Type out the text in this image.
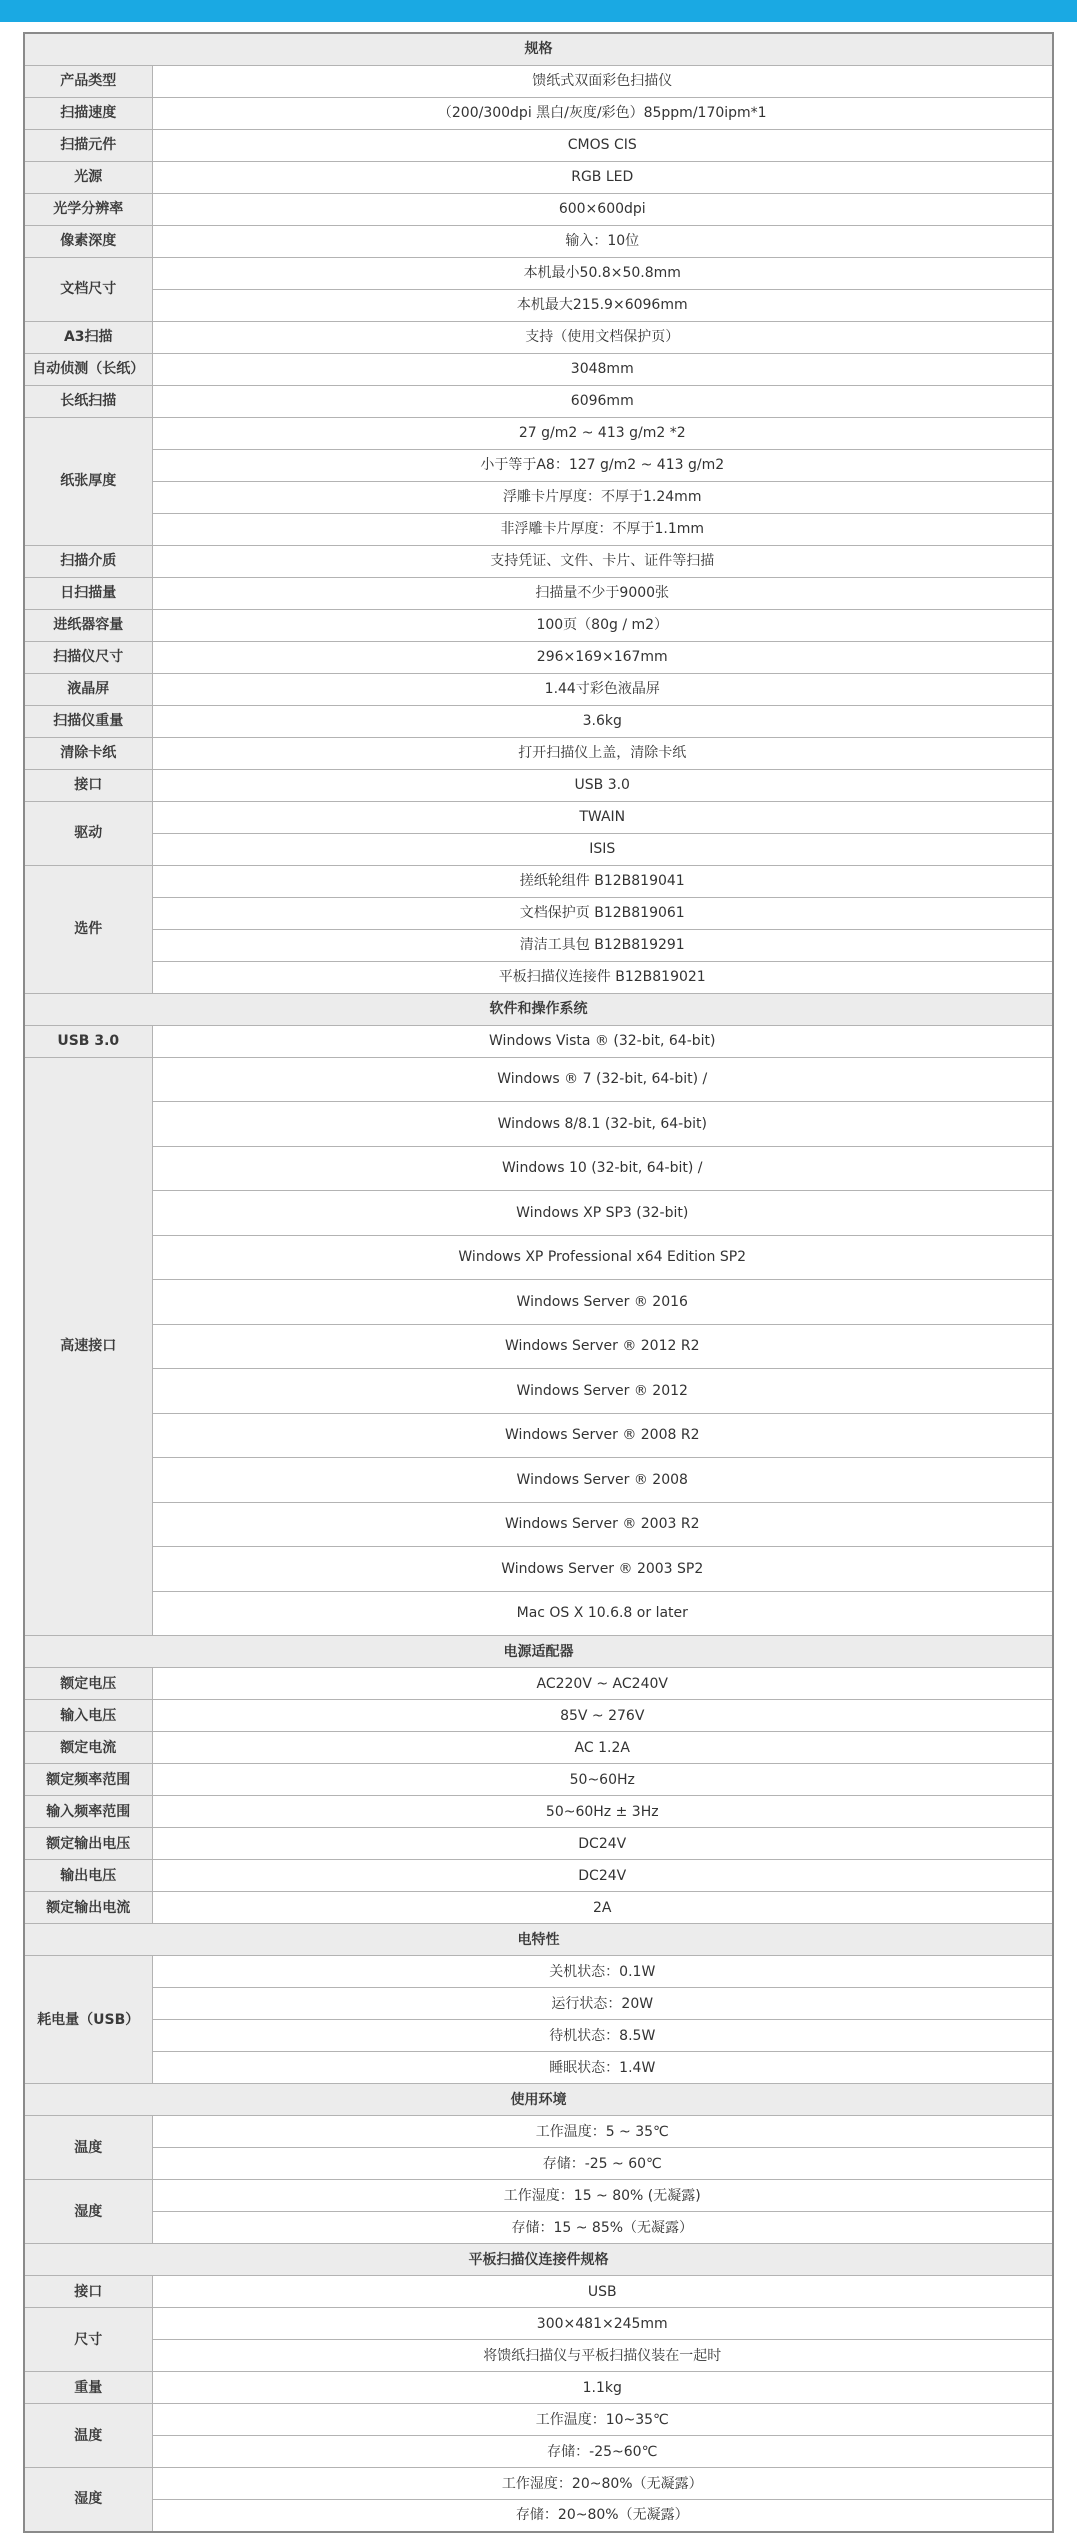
规格	
产品类型	馈纸式双面彩色扫描仪
扫描速度	（200/300dpi 黑白/灰度/彩色）85ppm/170ipm*1
扫描元件	CMOS CIS
光源	RGB LED
光学分辨率	600×600dpi
像素深度	输入：10位
文档尺寸	本机最小50.8×50.8mm
	本机最大215.9×6096mm
A3扫描	支持（使用文档保护页）
自动侦测（长纸）	3048mm
长纸扫描	6096mm
纸张厚度	27 g/m2 ~ 413 g/m2 *2
	小于等于A8：127 g/m2 ~ 413 g/m2
	浮雕卡片厚度：不厚于1.24mm
	非浮雕卡片厚度：不厚于1.1mm
扫描介质	支持凭证、文件、卡片、证件等扫描
日扫描量	扫描量不少于9000张
进纸器容量	100页（80g / m2）
扫描仪尺寸	296×169×167mm
液晶屏	1.44寸彩色液晶屏
扫描仪重量	3.6kg
清除卡纸	打开扫描仪上盖，清除卡纸
接口	USB 3.0
驱动	TWAIN
	ISIS
选件	搓纸轮组件 B12B819041
	文档保护页 B12B819061
	清洁工具包 B12B819291
	平板扫描仪连接件 B12B819021
软件和操作系统	
USB 3.0	Windows Vista ® (32-bit, 64-bit)
高速接口	Windows ® 7 (32-bit, 64-bit) /
	Windows 8/8.1 (32-bit, 64-bit)
	Windows 10 (32-bit, 64-bit) /
	Windows XP SP3 (32-bit)
	Windows XP Professional x64 Edition SP2
	Windows Server ® 2016
	Windows Server ® 2012 R2
	Windows Server ® 2012
	Windows Server ® 2008 R2
	Windows Server ® 2008
	Windows Server ® 2003 R2
	Windows Server ® 2003 SP2
	Mac OS X 10.6.8 or later
电源适配器	
额定电压	AC220V ~ AC240V
输入电压	85V ~ 276V
额定电流	AC 1.2A
额定频率范围	50~60Hz
输入频率范围	50~60Hz ± 3Hz
额定输出电压	DC24V
输出电压	DC24V
额定输出电流	2A
电特性	
耗电量（USB）	关机状态：0.1W
	运行状态：20W
	待机状态：8.5W
	睡眠状态：1.4W
使用环境	
温度	工作温度：5 ~ 35℃
	存储：-25 ~ 60℃
湿度	工作湿度：15 ~ 80% (无凝露)
	存储：15 ~ 85%（无凝露）
平板扫描仪连接件规格	
接口	USB
尺寸	300×481×245mm
	将馈纸扫描仪与平板扫描仪装在一起时
重量	1.1kg
温度	工作温度：10~35℃
	存储：-25~60℃
湿度	工作湿度：20~80%（无凝露）
	存储：20~80%（无凝露）
